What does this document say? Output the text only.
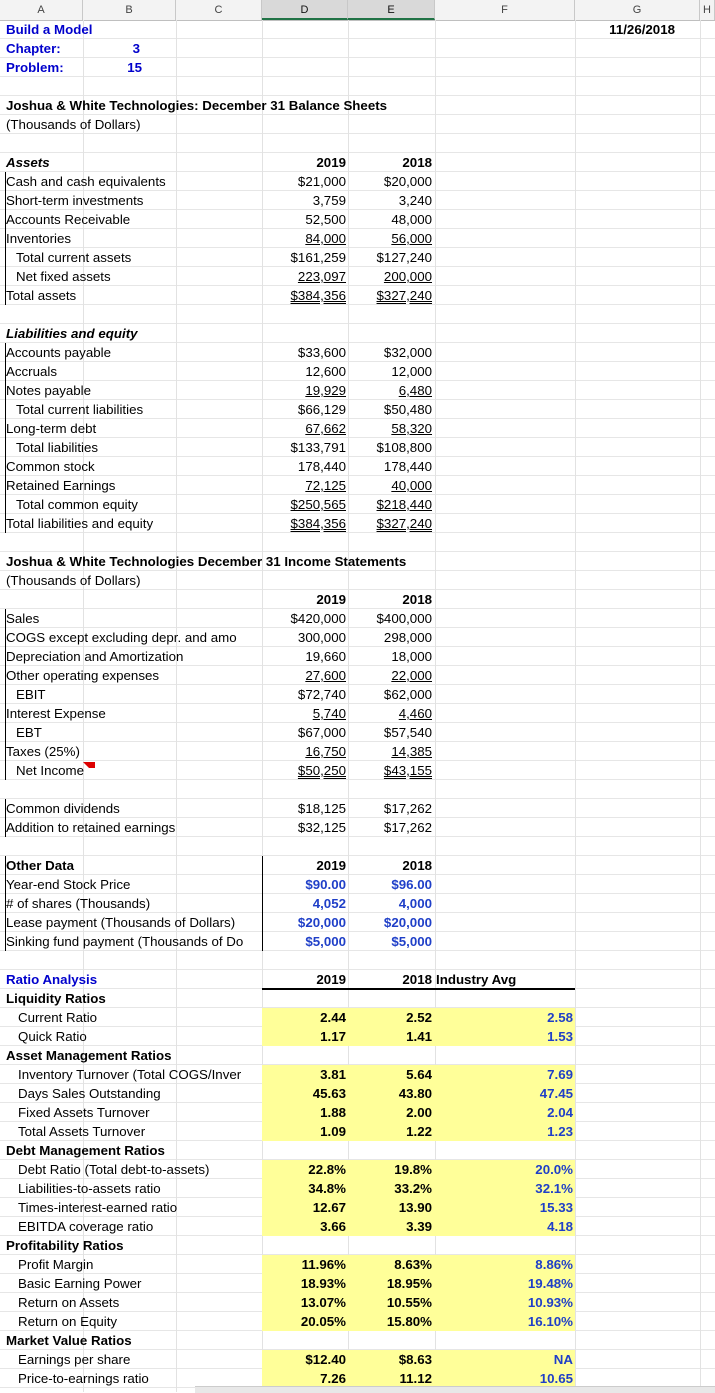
A	B	C	D	E	F	G	H
Build a Model	11/26/2018
Chapter:	3
Problem:	15
Joshua & White Technologies: December 31 Balance Sheets
(Thousands of Dollars)
Assets	2019	2018
Cash and cash equivalents	$21,000	$20,000
Short-term investments	3,759	3,240
Accounts Receivable	52,500	48,000
Inventories	84,000	56,000
Total current assets	$161,259	$127,240
Net fixed assets	223,097	200,000
Total assets	$384,356	$327,240
Liabilities and equity
Accounts payable	$33,600	$32,000
Accruals	12,600	12,000
Notes payable	19,929	6,480
Total current liabilities	$66,129	$50,480
Long-term debt	67,662	58,320
Total liabilities	$133,791	$108,800
Common stock	178,440	178,440
Retained Earnings	72,125	40,000
Total common equity	$250,565	$218,440
Total liabilities and equity	$384,356	$327,240
Joshua & White Technologies December 31 Income Statements
(Thousands of Dollars)
2019	2018
Sales	$420,000	$400,000
COGS except excluding depr. and amo	300,000	298,000
Depreciation and Amortization	19,660	18,000
Other operating expenses	27,600	22,000
EBIT	$72,740	$62,000
Interest Expense	5,740	4,460
EBT	$67,000	$57,540
Taxes (25%)	16,750	14,385
Net Income	$50,250	$43,155
Common dividends	$18,125	$17,262
Addition to retained earnings	$32,125	$17,262
Other Data	2019	2018
Year-end Stock Price	$90.00	$96.00
# of shares (Thousands)	4,052	4,000
Lease payment (Thousands of Dollars)	$20,000	$20,000
Sinking fund payment (Thousands of Do	$5,000	$5,000
Ratio Analysis	2019	2018 Industry Avg
Liquidity Ratios
Current Ratio	2.44	2.52	2.58
Quick Ratio	1.17	1.41	1.53
Asset Management Ratios
Inventory Turnover (Total COGS/Inver	3.81	5.64	7.69
Days Sales Outstanding	45.63	43.80	47.45
Fixed Assets Turnover	1.88	2.00	2.04
Total Assets Turnover	1.09	1.22	1.23
Debt Management Ratios
Debt Ratio (Total debt-to-assets)	22.8%	19.8%	20.0%
Liabilities-to-assets ratio	34.8%	33.2%	32.1%
Times-interest-earned ratio	12.67	13.90	15.33
EBITDA coverage ratio	3.66	3.39	4.18
Profitability Ratios
Profit Margin	11.96%	8.63%	8.86%
Basic Earning Power	18.93%	18.95%	19.48%
Return on Assets	13.07%	10.55%	10.93%
Return on Equity	20.05%	15.80%	16.10%
Market Value Ratios
Earnings per share	$12.40	$8.63	NA
Price-to-earnings ratio	7.26	11.12	10.65
